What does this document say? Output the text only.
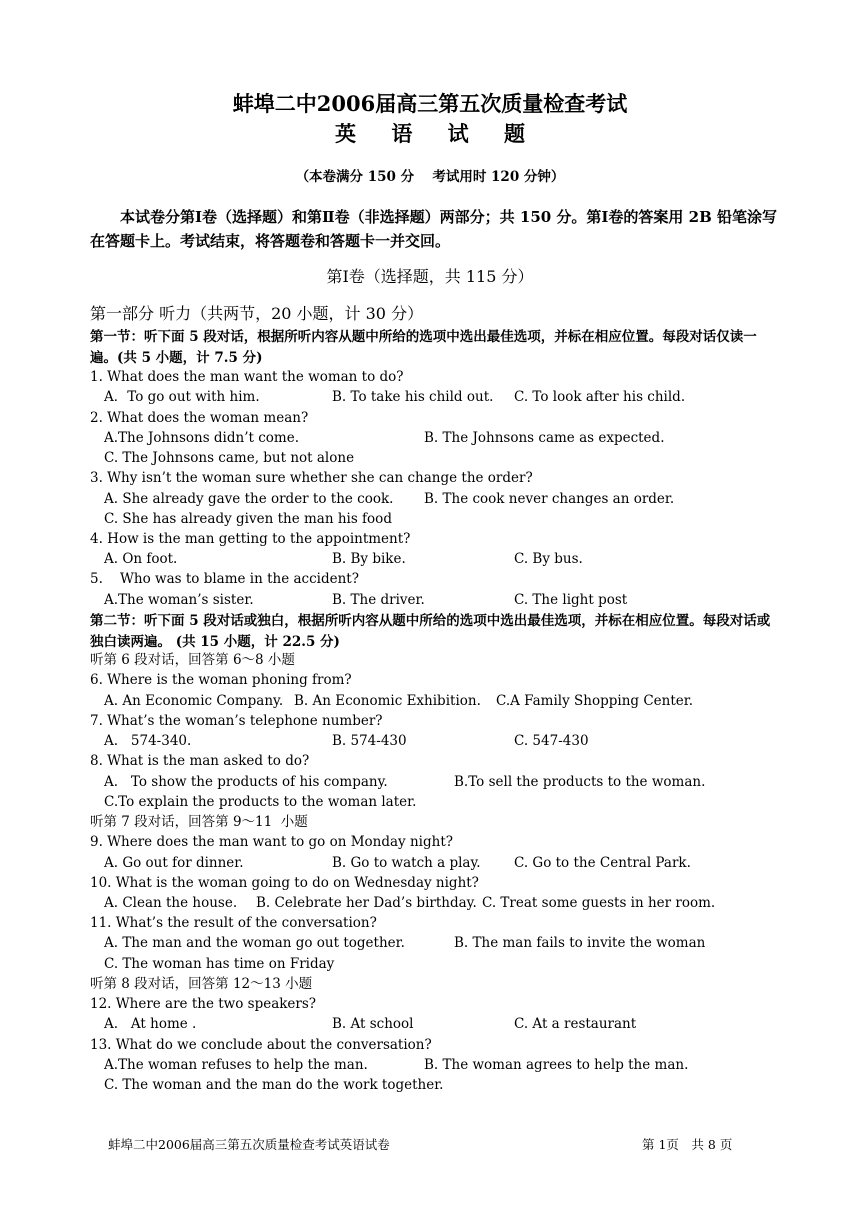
蚌埠二中2006届高三第五次质量检查考试
英 语 试 题
（本卷满分 150 分　 考试用时 120 分钟）
本试卷分第Ⅰ卷（选择题）和第Ⅱ卷（非选择题）两部分；共 150 分。第Ⅰ卷的答案用 2B 铅笔涂写在答题卡上。考试结束，将答题卷和答题卡一并交回。
第Ⅰ卷（选择题，共 115 分）
第一部分 听力（共两节，20 小题，计 30 分）
第一节：听下面 5 段对话，根据所听内容从题中所给的选项中选出最佳选项，并标在相应位置。每段对话仅读一遍。(共 5 小题，计 7.5 分)
1. What does the man want the woman to do?
A．To go out with him.	B. To take his child out. C. To look after his child.
2. What does the woman mean?
A.The Johnsons didn’t come.	B. The Johnsons came as expected.
C. The Johnsons came, but not alone
3. Why isn’t the woman sure whether she can change the order?
A. She already gave the order to the cook. B. The cook never changes an order.
C. She has already given the man his food
4. How is the man getting to the appointment?
A. On foot.	B. By bike.	C. By bus.
5.    Who was to blame in the accident?
A.The woman’s sister.	B. The driver.	C. The light post
第二节：听下面 5 段对话或独白，根据所听内容从题中所给的选项中选出最佳选项，并标在相应位置。每段对话或独白读两遍。 (共 15 小题，计 22.5 分)
听第 6 段对话，回答第 6～8 小题
6. Where is the woman phoning from?
A. An Economic Company. B. An Economic Exhibition. C.A Family Shopping Center.
7. What’s the woman’s telephone number?
A.   574-340.	B. 574-430	C. 547-430
8. What is the man asked to do?
A.   To show the products of his company.	B.To sell the products to the woman.
C.To explain the products to the woman later.
听第 7 段对话，回答第 9～11  小题
9. Where does the man want to go on Monday night?
A. Go out for dinner.	B. Go to watch a play. C. Go to the Central Park.
10. What is the woman going to do on Wednesday night?
A. Clean the house. B. Celebrate her Dad’s birthday. C. Treat some guests in her room.
11. What’s the result of the conversation?
A. The man and the woman go out together.	B. The man fails to invite the woman
C. The woman has time on Friday
听第 8 段对话，回答第 12～13 小题
12. Where are the two speakers?
A.   At home .	B. At school	C. At a restaurant
13. What do we conclude about the conversation?
A.The woman refuses to help the man.	B. The woman agrees to help the man.
C. The woman and the man do the work together.
蚌埠二中2006届高三第五次质量检查考试英语试卷	第 1页　共 8 页
